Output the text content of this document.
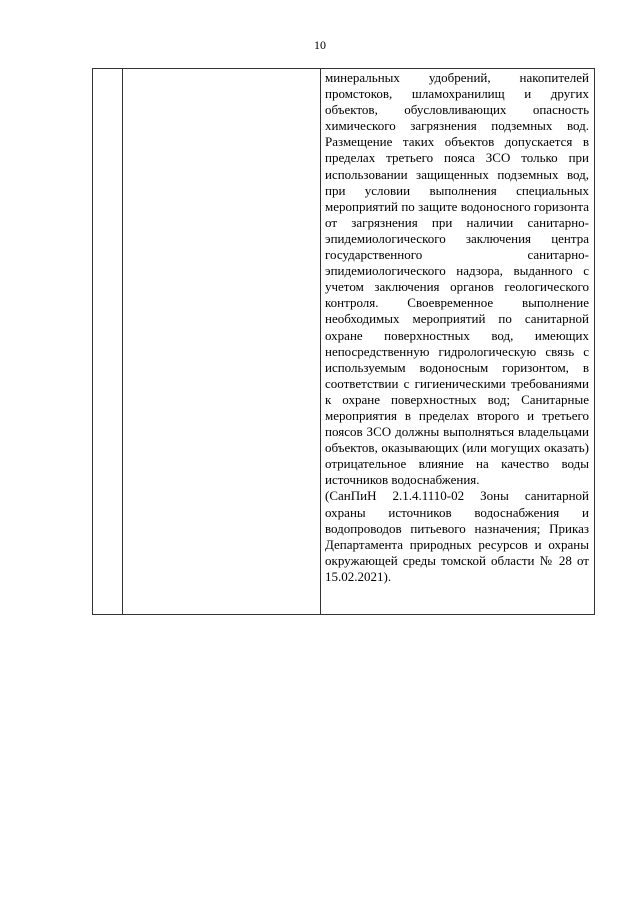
10

минеральных удобрений, накопителей промстоков, шламохранилищ и других объектов, обусловливающих опасность химического загрязнения подземных вод. Размещение таких объектов допускается в пределах третьего пояса ЗСО только при использовании защищенных подземных вод, при условии выполнения специальных мероприятий по защите водоносного горизонта от загрязнения при наличии санитарно- эпидемиологического заключения центра государственного санитарно-эпидемиологического надзора, выданного с учетом заключения органов геологического контроля. Своевременное выполнение необходимых мероприятий по санитарной охране поверхностных вод, имеющих непосредственную гидрологическую связь с используемым водоносным горизонтом, в соответствии с гигиеническими требованиями к охране поверхностных вод; Санитарные мероприятия в пределах второго и третьего поясов ЗСО должны выполняться владельцами объектов, оказывающих (или могущих оказать) отрицательное влияние на качество воды источников водоснабжения.

(СанПиН 2.1.4.1110-02 Зоны санитарной охраны источников водоснабжения и водопроводов питьевого назначения; Приказ Департамента природных ресурсов и охраны окружающей среды томской области № 28 от 15.02.2021).
